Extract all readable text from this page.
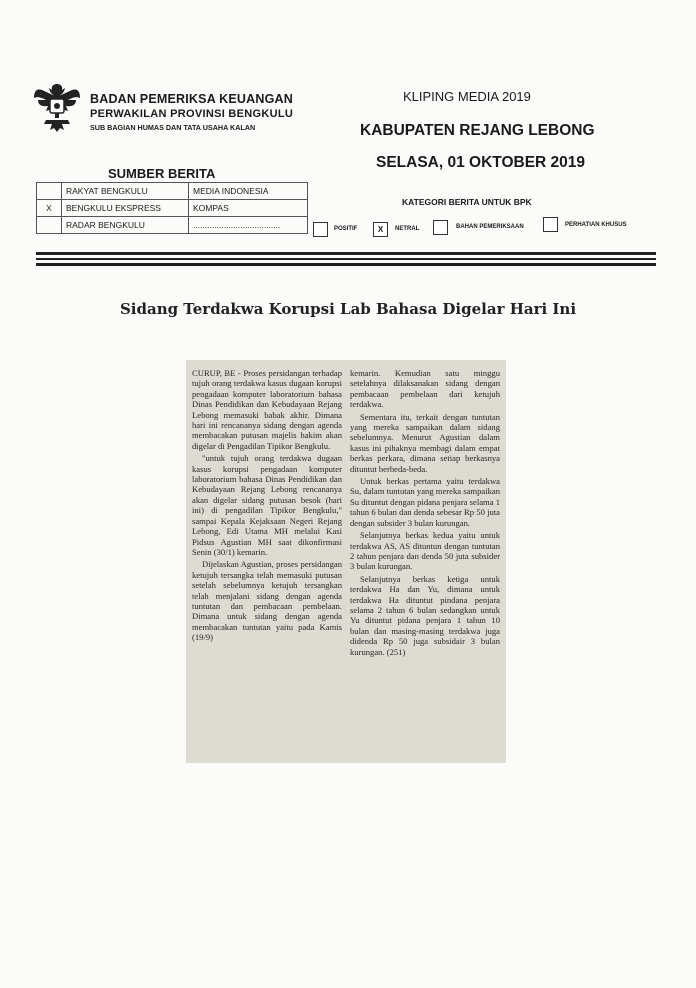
BADAN PEMERIKSA KEUANGAN
PERWAKILAN PROVINSI BENGKULU
SUB BAGIAN HUMAS DAN TATA USAHA KALAN
KLIPING MEDIA 2019
KABUPATEN REJANG LEBONG
SELASA, 01 OKTOBER 2019
SUMBER BERITA
	RAKYAT BENGKULU	MEDIA INDONESIA
X	BENGKULU EKSPRESS	KOMPAS
	RADAR BENGKULU	.....................................
KATEGORI BERITA UNTUK BPK
POSITIF	X	NETRAL	BAHAN PEMERIKSAAN	PERHATIAN KHUSUS
Sidang Terdakwa Korupsi Lab Bahasa Digelar Hari Ini

CURUP, BE - Proses persidangan terhadap tujuh orang terdakwa kasus dugaan korupsi pengadaan komputer laboratorium bahasa Dinas Pendidikan dan Kebudayaan Rejang Lebong memasuki babak akhir. Dimana hari ini rencananya sidang dengan agenda membacakan putusan majelis hakim akan digelar di Pengadilan Tipikor Bengkulu.

"untuk tujuh orang terdakwa dugaan kasus korupsi pengadaan komputer laboratorium bahasa Dinas Pendidikan dan Kebudayaan Rejang Lebong rencananya akan digelar sidang putusan besok (hari ini) di pengadilan Tipikor Bengkulu," sampai Kepala Kejaksaan Negeri Rejang Lebong, Edi Utama MH melalui Kasi Pidsus Agustian MH saat dikonfirmasi Senin (30/1) kemarin.

Dijelaskan Agustian, proses persidangan ketujuh tersangka telah memasuki putusan setelah sebelumnya ketujuh tersangkan telah menjalani sidang dengan agenda tuntutan dan pembacaan pembelaan. Dimana untuk sidang dengan agenda membacakan tuntutan yaitu pada Kamis (19/9)

kemarin. Kemudian satu minggu setelahnya dilaksanakan sidang dengan pembacaan pembelaan dari ketujuh terdakwa.

Sementara itu, terkait dengan tuntutan yang mereka sampaikan dalam sidang sebelumnya. Menurut Agustian dalam kasus ini pihaknya membagi dalam empat berkas perkara, dimana setiap berkasnya dituntut berbeda-beda.

Untuk berkas pertama yaitu terdakwa Su, dalam tuntutan yang mereka sampaikan Su dituntut dengan pidana penjara selama 1 tahun 6 bulan dan denda sebesar Rp 50 juta dengan subsider 3 bulan kurungan.

Selanjutnya berkas kedua yaitu untuk terdakwa AS, AS dituntun dengan tuntutan 2 tahun penjara dan denda 50 juta subsider 3 bulan kurungan.

Selanjutnya berkas ketiga untuk terdakwa Ha dan Yu, dimana untuk terdakwa Ha dituntut pindana penjara selama 2 tahun 6 bulan sedangkan untuk Yu dituntut pidana penjara 1 tahun 10 bulan dan masing-masing terdakwa juga didenda Rp 50 juga subsidair 3 bulan kurungan. (251)
